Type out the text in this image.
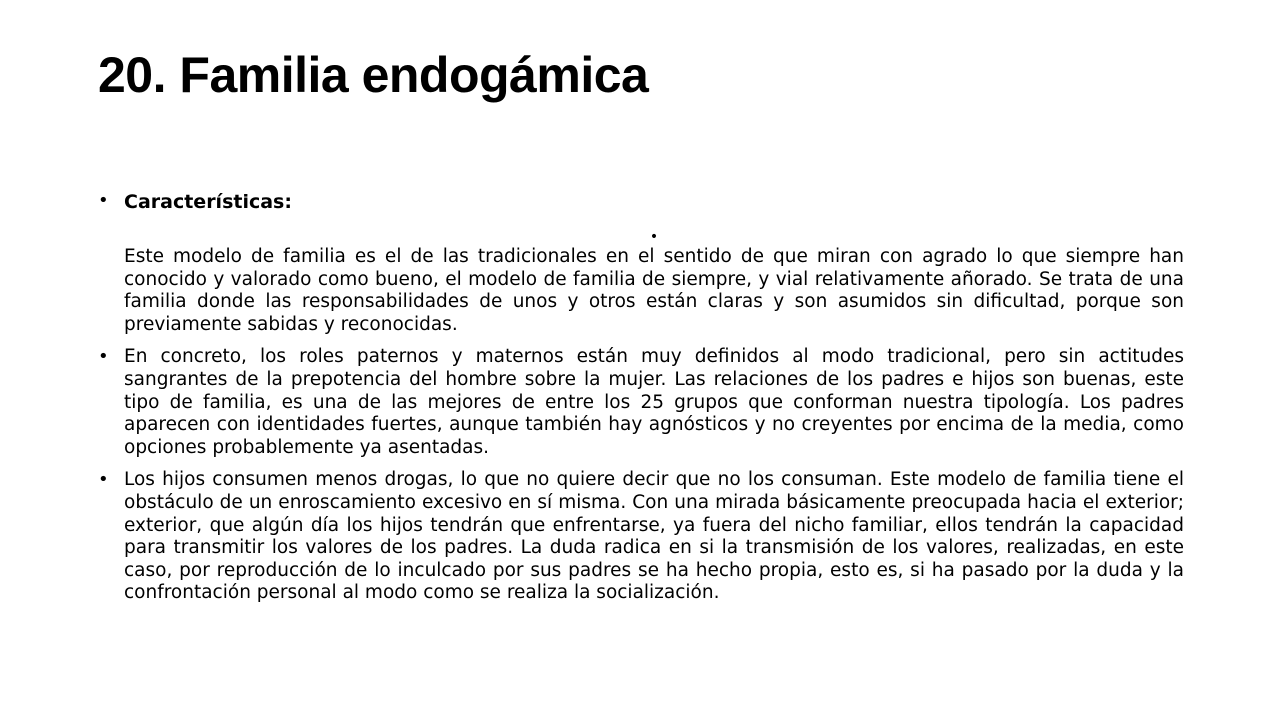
20. Familia endogámica
• Características:
•

Este modelo de familia es el de las tradicionales en el sentido de que miran con agrado lo que siempre han conocido y valorado como bueno, el modelo de familia de siempre, y vial relativamente añorado. Se trata de una familia donde las responsabilidades de unos y otros están claras y son asumidos sin dificultad, porque son previamente sabidas y reconocidas.

• En concreto, los roles paternos y maternos están muy definidos al modo tradicional, pero sin actitudes sangrantes de la prepotencia del hombre sobre la mujer. Las relaciones de los padres e hijos son buenas, este tipo de familia, es una de las mejores de entre los 25 grupos que conforman nuestra tipología. Los padres aparecen con identidades fuertes, aunque también hay agnósticos y no creyentes por encima de la media, como opciones probablemente ya asentadas.

• Los hijos consumen menos drogas, lo que no quiere decir que no los consuman. Este modelo de familia tiene el obstáculo de un enroscamiento excesivo en sí misma. Con una mirada básicamente preocupada hacia el exterior; exterior, que algún día los hijos tendrán que enfrentarse, ya fuera del nicho familiar, ellos tendrán la capacidad para transmitir los valores de los padres. La duda radica en si la transmisión de los valores, realizadas, en este caso, por reproducción de lo inculcado por sus padres se ha hecho propia, esto es, si ha pasado por la duda y la confrontación personal al modo como se realiza la socialización.
